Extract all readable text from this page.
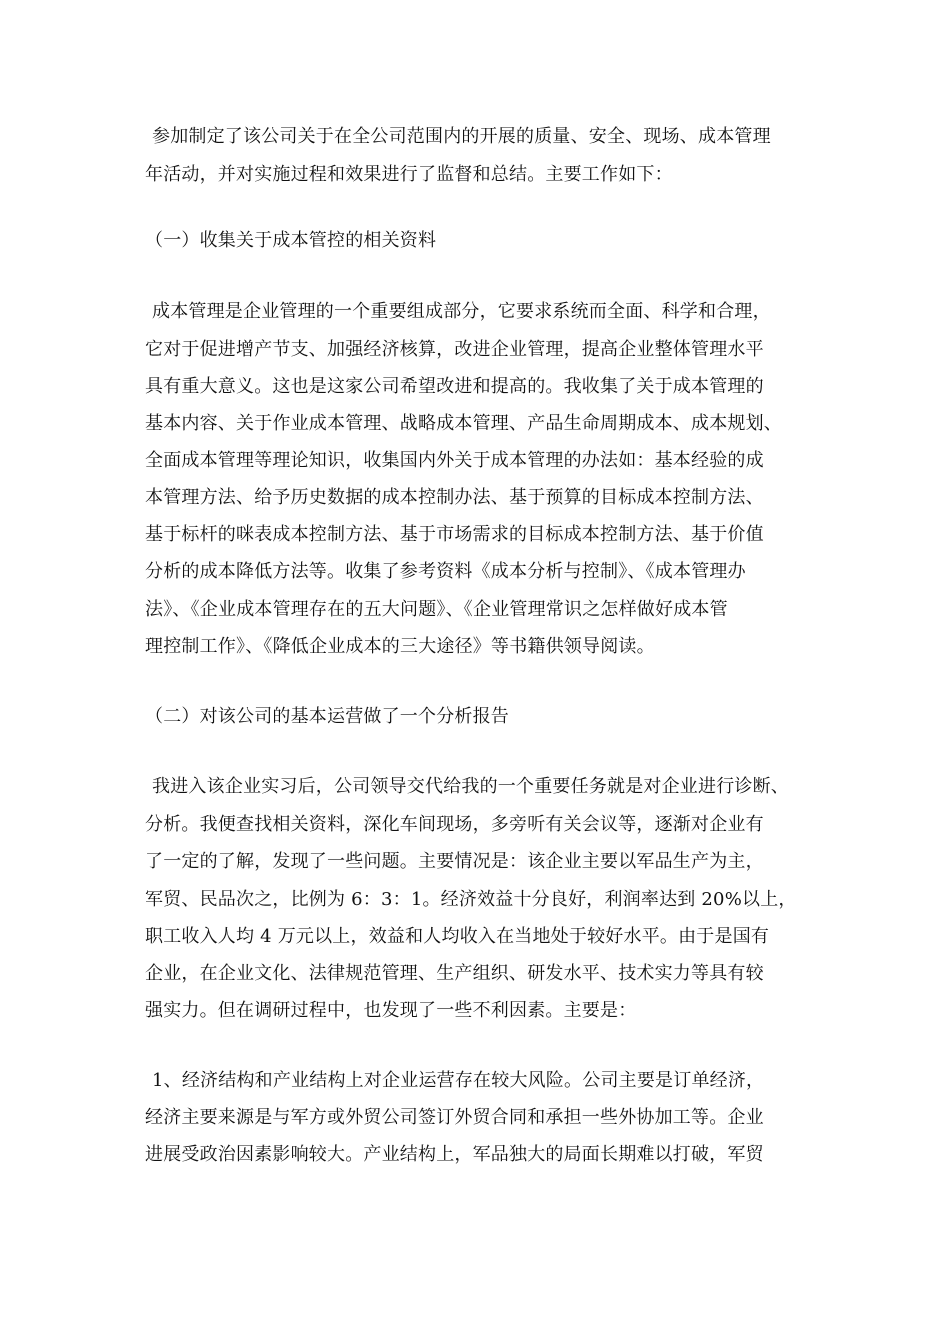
参加制定了该公司关于在全公司范围内的开展的质量、安全、现场、成本管理

年活动，并对实施过程和效果进行了监督和总结。主要工作如下：

（一）收集关于成本管控的相关资料

成本管理是企业管理的一个重要组成部分，它要求系统而全面、科学和合理，

它对于促进增产节支、加强经济核算，改进企业管理，提高企业整体管理水平

具有重大意义。这也是这家公司希望改进和提高的。我收集了关于成本管理的

基本内容、关于作业成本管理、战略成本管理、产品生命周期成本、成本规划、

全面成本管理等理论知识，收集国内外关于成本管理的办法如：基本经验的成

本管理方法、给予历史数据的成本控制办法、基于预算的目标成本控制方法、

基于标杆的咪表成本控制方法、基于市场需求的目标成本控制方法、基于价值

分析的成本降低方法等。收集了参考资料《成本分析与控制》、《成本管理办

法》、《企业成本管理存在的五大问题》、《企业管理常识之怎样做好成本管

理控制工作》、《降低企业成本的三大途径》等书籍供领导阅读。

（二）对该公司的基本运营做了一个分析报告

我进入该企业实习后，公司领导交代给我的一个重要任务就是对企业进行诊断、

分析。我便查找相关资料，深化车间现场，多旁听有关会议等，逐渐对企业有

了一定的了解，发现了一些问题。主要情况是：该企业主要以军品生产为主，

军贸、民品次之，比例为 6：3：1。经济效益十分良好，利润率达到 20%以上，

职工收入人均 4 万元以上，效益和人均收入在当地处于较好水平。由于是国有

企业，在企业文化、法律规范管理、生产组织、研发水平、技术实力等具有较

强实力。但在调研过程中，也发现了一些不利因素。主要是：

1、经济结构和产业结构上对企业运营存在较大风险。公司主要是订单经济，

经济主要来源是与军方或外贸公司签订外贸合同和承担一些外协加工等。企业

进展受政治因素影响较大。产业结构上，军品独大的局面长期难以打破，军贸
